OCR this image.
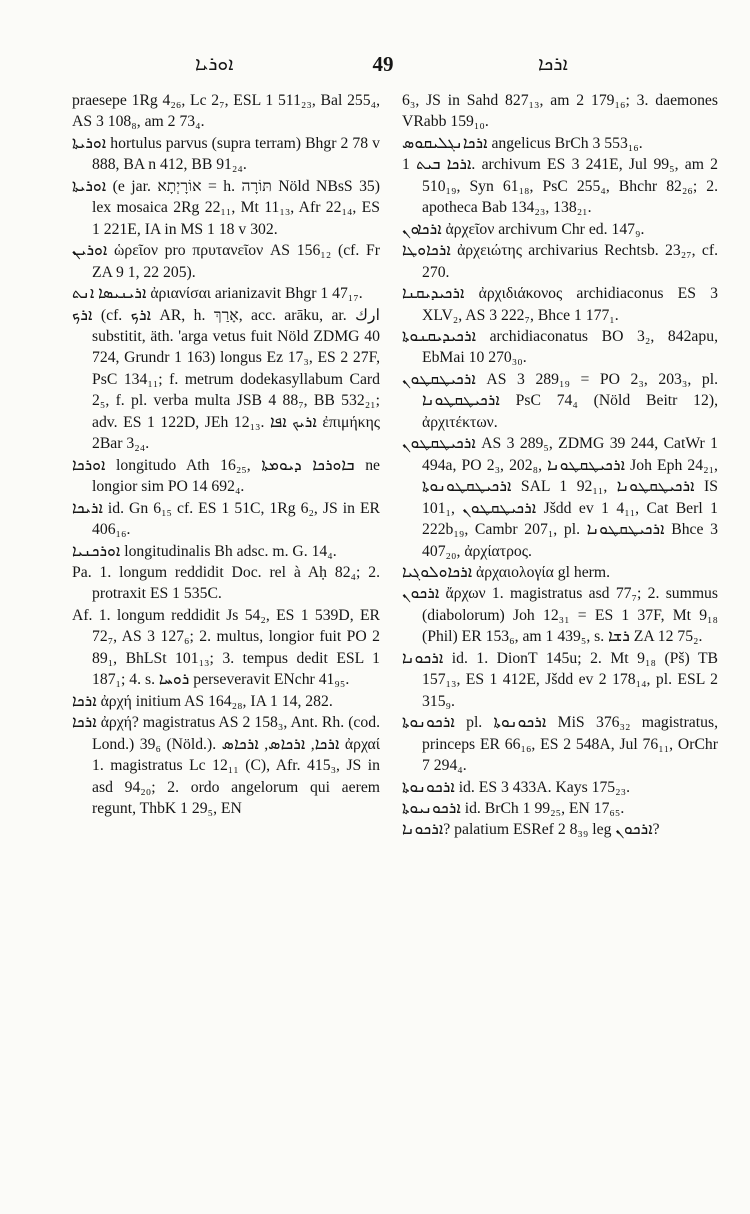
ܐܘܪܝܐ	49	ܐܪܟܐ

praesepe 1Rg 4₂₆, Lc 2₇, ESL 1 511₂₃, Bal 255₄, AS 3 108₈, am 2 73₄.

ܐܘܪܝܬܐ hortulus parvus (supra terram) Bhgr 2 78 v 888, BA n 412, BB 91₂₄.

ܐܘܪܝܬܐ (e jar. אוֹרָיְתָא = h. תּוֹרָה Nöld NBsS 35) lex mosaica 2Rg 22₁₁, Mt 11₁₃, Afr 22₁₄, ES 1 221E, IA in MS 1 18 v 302.

ܐܘܪܝܢ ὡρεῖον pro πρυτανεῖον AS 156₁₂ (cf. Fr ZA 9 1, 22 205).

ܐܪܝܢܝܣܐ ܐܢܬ ἀριανίσαι arianizavit Bhgr 1 47₁₇.

ܐܪܟ (cf. ܐܪܟ AR, h. אָרַךְ, acc. arāku, ar. ارك substitit, äth. 'arga vetus fuit Nöld ZDMG 40 724, Grundr 1 163) longus Ez 17₃, ES 2 27F, PsC 134₁₁; f. metrum dodekasyllabum Card 2₅, f. pl. verba multa JSB 4 88₇, BB 532₂₁; adv. ES 1 122D, JEh 12₁₃. ܐܪܝܟ ܐܦܐ ἐπιμήκης 2Bar 3₂₄.

ܐܘܪܟܐ longitudo Ath 16₂₅, ܒܐܘܪܟܐ ܕܝܘܡܬܐ ne longior sim PO 14 692₄.

ܐܪܝܟܐ id. Gn 6₁₅ cf. ES 1 51C, 1Rg 6₂, JS in ER 406₁₆.

ܐܘܪܟܢܝܐ longitudinalis Bh adsc. m. G. 14₄.

Pa. 1. longum reddidit Doc. rel à Aḥ 82₄; 2. protraxit ES 1 535C.

Af. 1. longum reddidit Js 54₂, ES 1 539D, ER 72₇, AS 3 127₆; 2. multus, longior fuit PO 2 89₁, BhLSt 101₁₃; 3. tempus dedit ESL 1 187₁; 4. s. ܪܘܚܐ perseveravit ENchr 41₉₅.

ܐܪܟܐ ἀρχή initium AS 164₂₈, IA 1 14, 282.

ܐܪܟܐ ἀρχή? magistratus AS 2 158₃, Ant. Rh. (cod. Lond.) 39₆ (Nöld.). ܐܪܟܐ, ܐܪܟܐܣ, ܐܪܟܐܣ ἀρχαί 1. magistratus Lc 12₁₁ (C), Afr. 415₃, JS in asd 94₂₀; 2. ordo angelorum qui aerem regunt, ThbK 1 29₅, EN

6₃, JS in Sahd 827₁₃, am 2 179₁₆; 3. daemones VRabb 159₁₀.

ܐܪܟܐܢܓܠܝܩܘܣ angelicus BrCh 3 553₁₆.

ܐܪܟܐ ܒܝܬ 1. archivum ES 3 241E, Jul 99₅, am 2 510₁₉, Syn 61₁₈, PsC 255₄, Bhchr 82₂₆; 2. apotheca Bab 134₂₃, 138₂₁.

ܐܪܟܐܘܢ ἀρχεῖον archivum Chr ed. 147₉.

ܐܪܟܐܘܛܐ ἀρχειώτης archivarius Rechtsb. 23₂₇, cf. 270.

ܐܪܟܝܕܝܩܢܐ ἀρχιδιάκονος archidiaconus ES 3 XLV₂, AS 3 222₇, Bhce 1 177₁.

ܐܪܟܝܕܝܩܢܘܬܐ archidiaconatus BO 3₂, 842apu, EbMai 10 270₃₀.

ܐܪܟܝܛܩܛܘܢ AS 3 289₁₉ = PO 2₃, 203₃, pl. ܐܪܟܝܛܩܛܘܢܐ PsC 74₄ (Nöld Beitr 12), ἀρχιτέκτων.

ܐܪܟܝܛܩܛܘܢ AS 3 289₅, ZDMG 39 244, CatWr 1 494a, PO 2₃, 202₈, ܐܪܟܝܛܩܛܘܢܐ Joh Eph 24₂₁, ܐܪܟܝܛܩܛܘܢܘܬܐ SAL 1 92₁₁, ܐܪܟܝܛܩܛܘܢܐ IS 101₁, ܐܪܟܝܛܩܛܘܢ Jšdd ev 1 4₁₁, Cat Berl 1 222b₁₉, Cambr 207₁, pl. ܐܪܟܝܛܩܛܘܢܐ Bhce 3 407₂₀, ἀρχίατρος.

ܐܪܟܐܘܠܘܓܝܐ ἀρχαιολογία gl herm.

ܐܪܟܘܢ ἄρχων 1. magistratus asd 77₇; 2. summus (diabolorum) Joh 12₃₁ = ES 1 37F, Mt 9₁₈ (Phil) ER 153₆, am 1 439₅, s. ܪܫܐ ZA 12 75₂.

ܐܪܟܘܢܐ id. 1. DionT 145u; 2. Mt 9₁₈ (Pš) TB 157₁₃, ES 1 412E, Jšdd ev 2 178₁₄, pl. ESL 2 315₉.

ܐܪܟܘܢܘܬܐ pl. ܐܪܟܘܢܘܬܐ MiS 376₃₂ magistratus, princeps ER 66₁₆, ES 2 548A, Jul 76₁₁, OrChr 7 294₄.

ܐܪܟܘܢܘܬܐ id. ES 3 433A. Kays 175₂₃.

ܐܪܟܘܢܝܘܬܐ id. BrCh 1 99₂₅, EN 17₆₅.

ܐܪܟܘܢܐ? palatium ESRef 2 8₃₉ leg ܐܪܟܘܢ?
